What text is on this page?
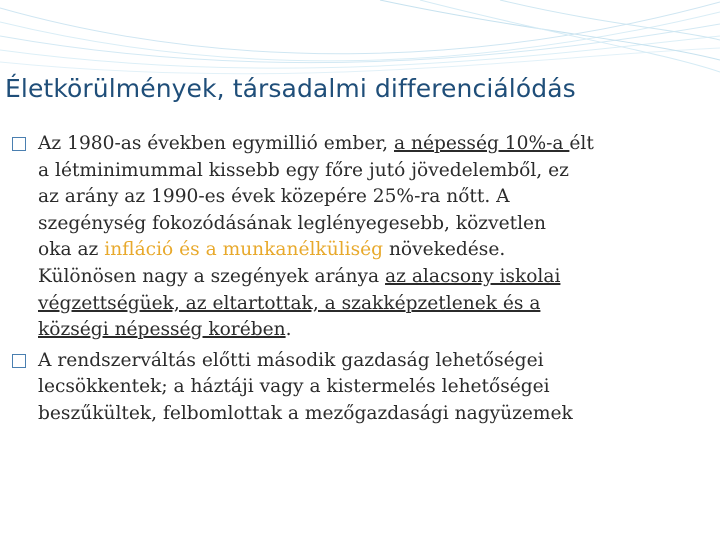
Életkörülmények, társadalmi differenciálódás
Az 1980-as években egymillió ember, a népesség 10%-a élt
a létminimummal kissebb egy főre jutó jövedelemből, ez
az arány az 1990-es évek közepére 25%-ra nőtt. A
szegénység fokozódásának leglényegesebb, közvetlen
oka az infláció és a munkanélküliség növekedése.
Különösen nagy a szegények aránya az alacsony iskolai
végzettségüek, az eltartottak, a szakképzetlenek és a
községi népesség korében.
A rendszerváltás előtti második gazdaság lehetőségei
lecsökkentek; a háztáji vagy a kistermelés lehetőségei
beszűkültek, felbomlottak a mezőgazdasági nagyüzemek
